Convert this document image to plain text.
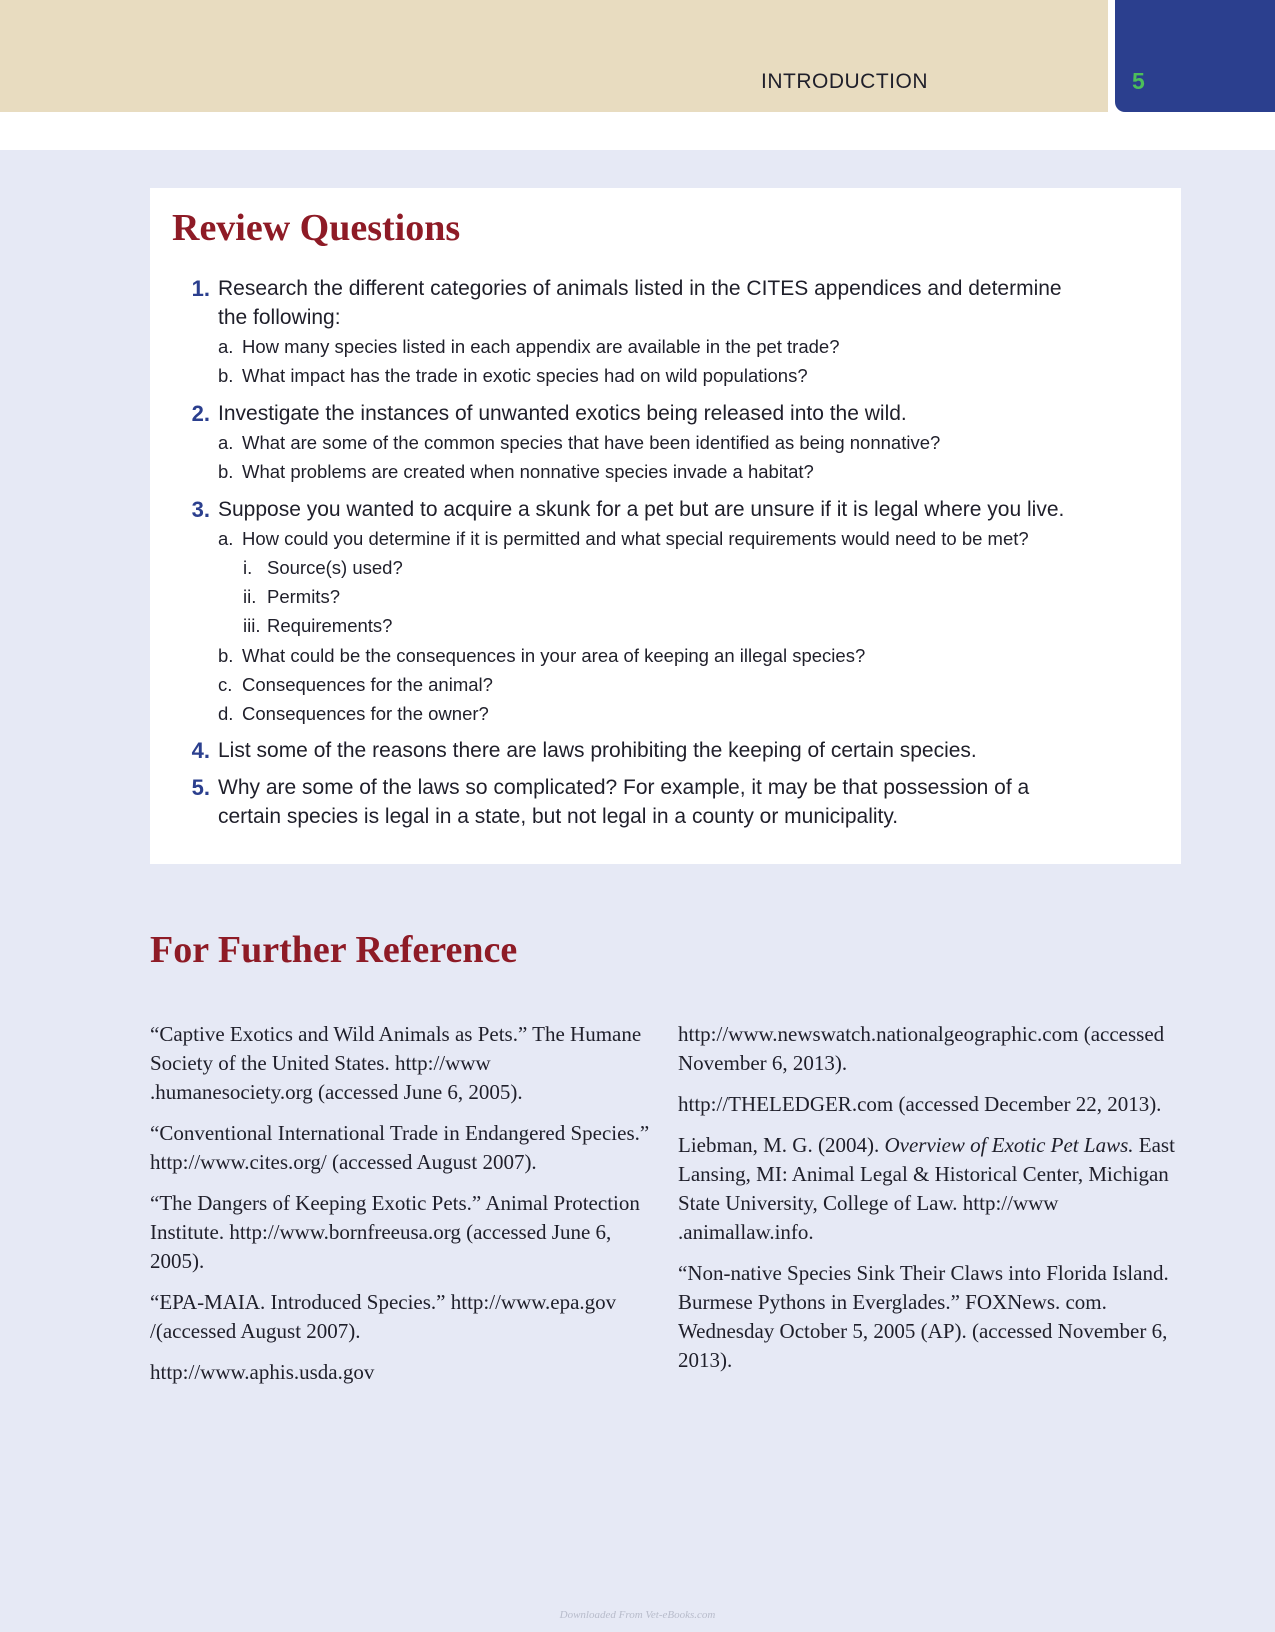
INTRODUCTION	5
Review Questions
1. Research the different categories of animals listed in the CITES appendices and determine the following:
a. How many species listed in each appendix are available in the pet trade?
b. What impact has the trade in exotic species had on wild populations?
2. Investigate the instances of unwanted exotics being released into the wild.
a. What are some of the common species that have been identified as being nonnative?
b. What problems are created when nonnative species invade a habitat?
3. Suppose you wanted to acquire a skunk for a pet but are unsure if it is legal where you live.
a. How could you determine if it is permitted and what special requirements would need to be met?
i. Source(s) used?
ii. Permits?
iii. Requirements?
b. What could be the consequences in your area of keeping an illegal species?
c. Consequences for the animal?
d. Consequences for the owner?
4. List some of the reasons there are laws prohibiting the keeping of certain species.
5. Why are some of the laws so complicated? For example, it may be that possession of a certain species is legal in a state, but not legal in a county or municipality.
For Further Reference

“Captive Exotics and Wild Animals as Pets.” The Humane Society of the United States. http://www .humanesociety.org (accessed June 6, 2005).

“Conventional International Trade in Endangered Species.” http://www.cites.org/ (accessed August 2007).

“The Dangers of Keeping Exotic Pets.” Animal Protection Institute. http://www.bornfreeusa.org (accessed June 6, 2005).

“EPA-MAIA. Introduced Species.” http://www.epa.gov /(accessed August 2007).

http://www.aphis.usda.gov

http://www.newswatch.nationalgeographic.com (accessed November 6, 2013).

http://THELEDGER.com (accessed December 22, 2013).

Liebman, M. G. (2004). Overview of Exotic Pet Laws. East Lansing, MI: Animal Legal & Historical Center, Michigan State University, College of Law. http://www .animallaw.info.

“Non-native Species Sink Their Claws into Florida Island. Burmese Pythons in Everglades.” FOXNews. com. Wednesday October 5, 2005 (AP). (accessed November 6, 2013).

Downloaded From Vet-eBooks.com
